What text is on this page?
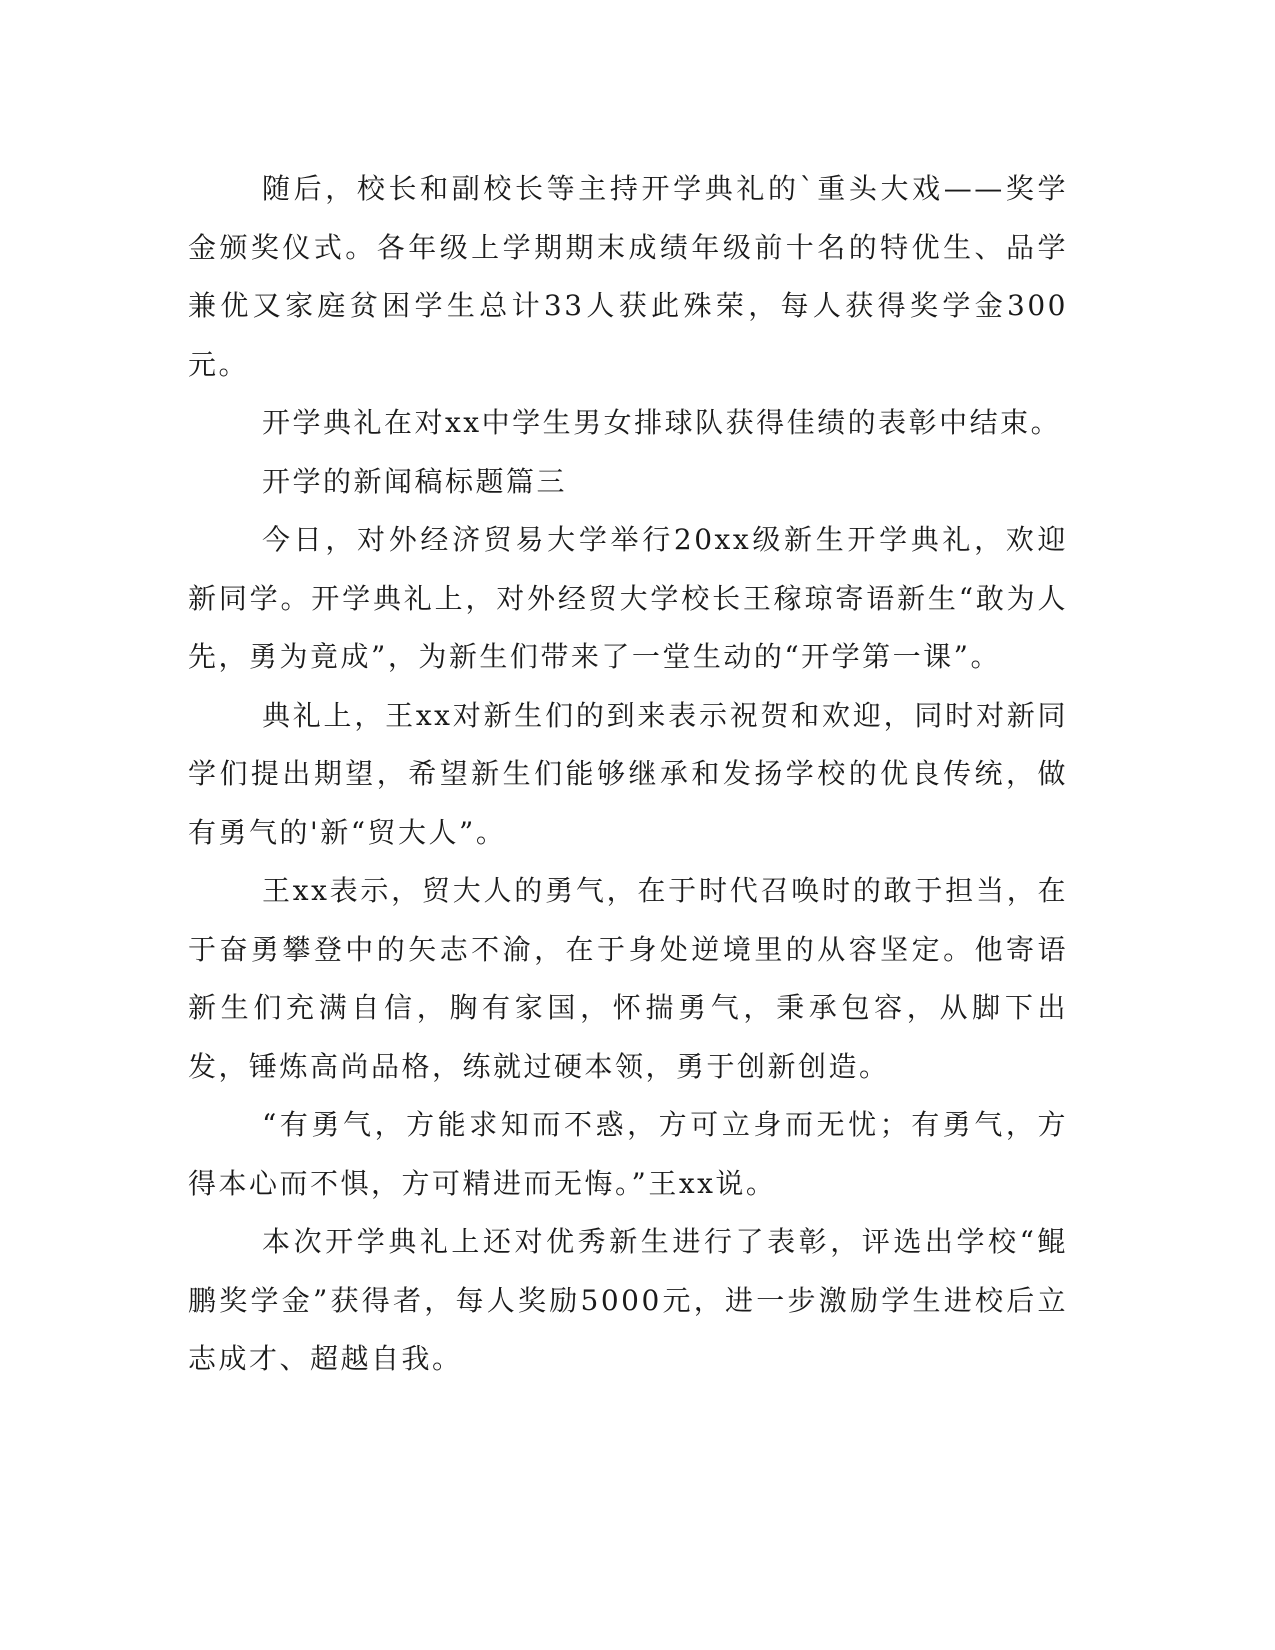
随后，校长和副校长等主持开学典礼的`重头大戏——奖学金颁奖仪式。各年级上学期期末成绩年级前十名的特优生、品学兼优又家庭贫困学生总计33人获此殊荣，每人获得奖学金300元。

开学典礼在对xx中学生男女排球队获得佳绩的表彰中结束。

开学的新闻稿标题篇三

今日，对外经济贸易大学举行20xx级新生开学典礼，欢迎新同学。开学典礼上，对外经贸大学校长王稼琼寄语新生“敢为人先，勇为竟成”，为新生们带来了一堂生动的“开学第一课”。

典礼上，王xx对新生们的到来表示祝贺和欢迎，同时对新同学们提出期望，希望新生们能够继承和发扬学校的优良传统，做有勇气的'新“贸大人”。

王xx表示，贸大人的勇气，在于时代召唤时的敢于担当，在于奋勇攀登中的矢志不渝，在于身处逆境里的从容坚定。他寄语新生们充满自信，胸有家国，怀揣勇气，秉承包容，从脚下出发，锤炼高尚品格，练就过硬本领，勇于创新创造。

“有勇气，方能求知而不惑，方可立身而无忧；有勇气，方得本心而不惧，方可精进而无悔。”王xx说。

本次开学典礼上还对优秀新生进行了表彰，评选出学校“鲲鹏奖学金”获得者，每人奖励5000元，进一步激励学生进校后立志成才、超越自我。
